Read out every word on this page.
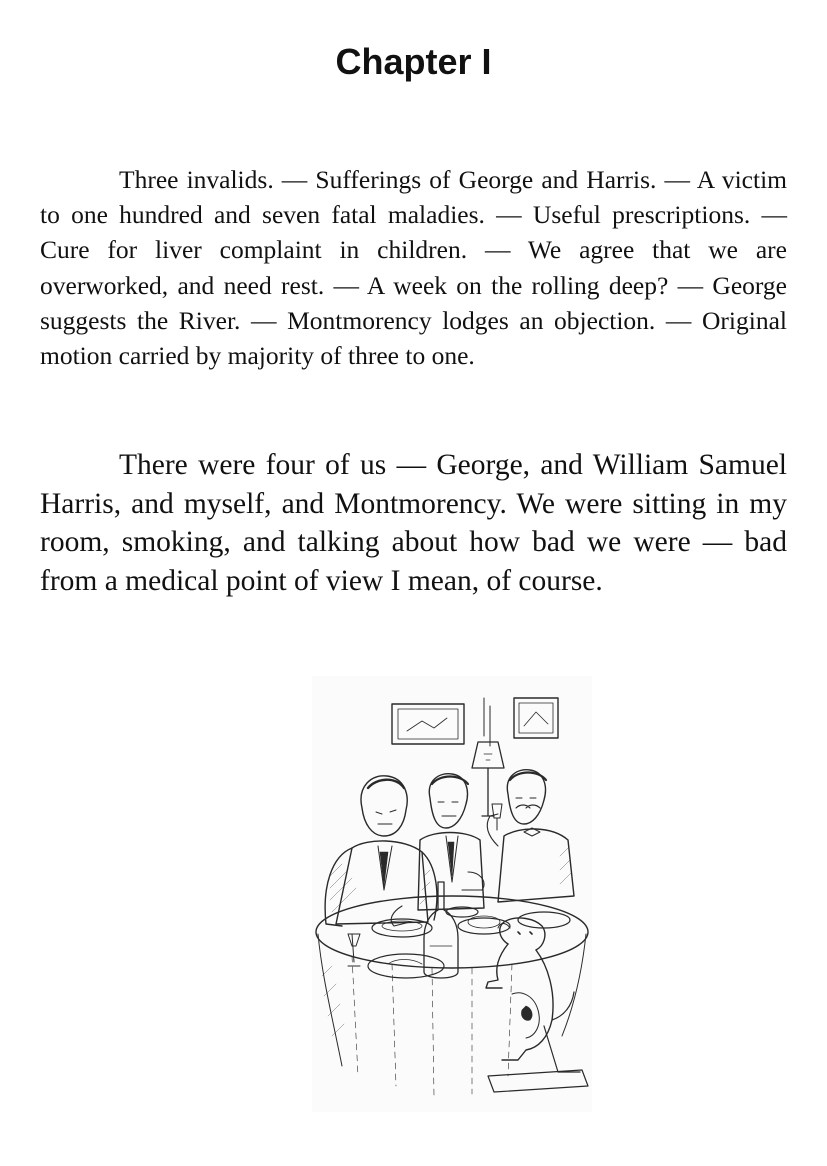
Chapter I

Three invalids. — Sufferings of George and Harris. — A victim to one hundred and seven fatal maladies. — Useful prescriptions. — Cure for liver complaint in children. — We agree that we are overworked, and need rest. — A week on the rolling deep? — George suggests the River. — Montmorency lodges an objection. — Original motion carried by majority of three to one.

There were four of us — George, and William Samuel Harris, and myself, and Montmorency. We were sitting in my room, smoking, and talking about how bad we were — bad from a medical point of view I mean, of course.
